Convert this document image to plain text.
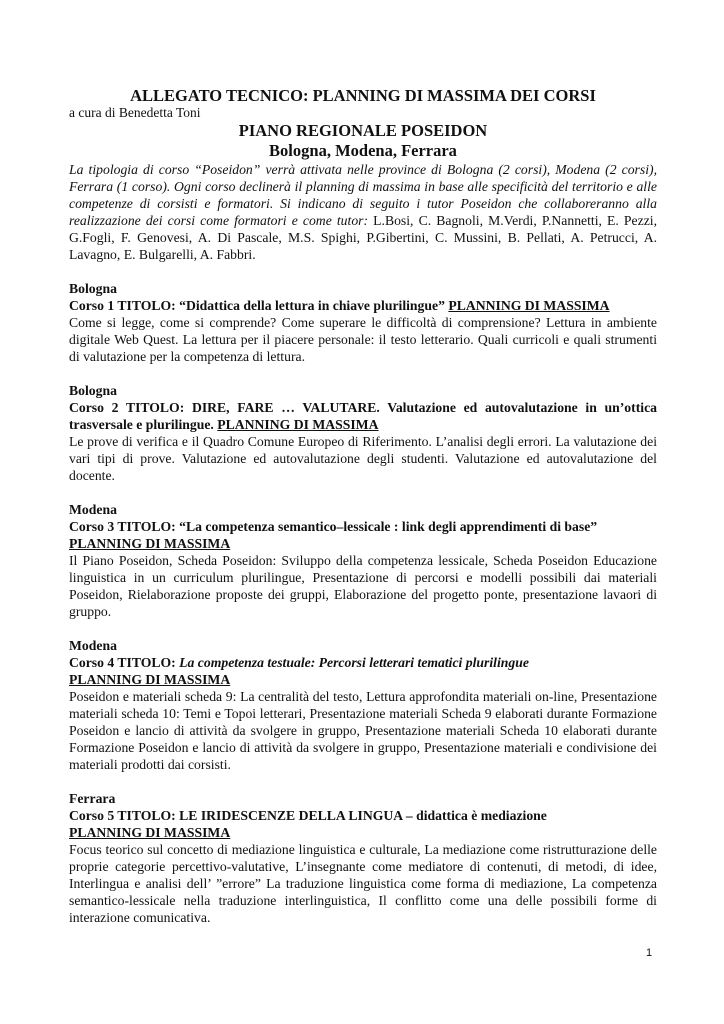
ALLEGATO TECNICO: PLANNING DI MASSIMA DEI CORSI

a cura di Benedetta Toni

PIANO REGIONALE POSEIDON

Bologna, Modena, Ferrara

La tipologia di corso “Poseidon” verrà attivata nelle province di Bologna (2 corsi), Modena (2 corsi), Ferrara (1 corso). Ogni corso declinerà il planning di massima in base alle specificità del territorio e alle competenze di corsisti e formatori. Si indicano di seguito i tutor Poseidon che collaboreranno alla realizzazione dei corsi come formatori e come tutor: L.Bosi, C. Bagnoli, M.Verdi, P.Nannetti, E. Pezzi, G.Fogli, F. Genovesi, A. Di Pascale, M.S. Spighi, P.Gibertini, C. Mussini, B. Pellati, A. Petrucci, A. Lavagno, E. Bulgarelli, A. Fabbri.

Bologna

Corso 1 TITOLO: “Didattica della lettura in chiave plurilingue” PLANNING DI MASSIMA

Come si legge, come si comprende? Come superare le difficoltà di comprensione? Lettura in ambiente digitale Web Quest. La lettura per il piacere personale: il testo letterario. Quali curricoli e quali strumenti di valutazione per la competenza di lettura.

Bologna

Corso 2 TITOLO: DIRE, FARE … VALUTARE. Valutazione ed autovalutazione in un’ottica trasversale e plurilingue. PLANNING DI MASSIMA

Le prove di verifica e il Quadro Comune Europeo di Riferimento. L’analisi degli errori. La valutazione dei vari tipi di prove. Valutazione ed autovalutazione degli studenti. Valutazione ed autovalutazione del docente.

Modena

Corso 3 TITOLO: “La competenza semantico–lessicale : link degli apprendimenti di base”

PLANNING DI MASSIMA

Il Piano Poseidon, Scheda Poseidon: Sviluppo della competenza lessicale, Scheda Poseidon Educazione linguistica in un curriculum plurilingue, Presentazione di percorsi e modelli possibili dai materiali Poseidon, Rielaborazione proposte dei gruppi, Elaborazione del progetto ponte, presentazione lavaori di gruppo.

Modena

Corso 4 TITOLO: La competenza testuale: Percorsi letterari tematici plurilingue

PLANNING DI MASSIMA

Poseidon e materiali scheda 9: La centralità del testo, Lettura approfondita materiali on-line, Presentazione materiali scheda 10: Temi e Topoi letterari, Presentazione materiali Scheda 9 elaborati durante Formazione Poseidon e lancio di attività da svolgere in gruppo, Presentazione materiali Scheda 10 elaborati durante Formazione Poseidon e lancio di attività da svolgere in gruppo, Presentazione materiali e condivisione dei materiali prodotti dai corsisti.

Ferrara

Corso 5 TITOLO: LE IRIDESCENZE DELLA LINGUA – didattica è mediazione

PLANNING DI MASSIMA

Focus teorico sul concetto di mediazione linguistica e culturale, La mediazione come ristrutturazione delle proprie categorie percettivo-valutative, L’insegnante come mediatore di contenuti, di metodi, di idee, Interlingua e analisi dell’ ”errore” La traduzione linguistica come forma di mediazione, La competenza semantico-lessicale nella traduzione interlinguistica, Il conflitto come una delle possibili forme di interazione comunicativa.

1
